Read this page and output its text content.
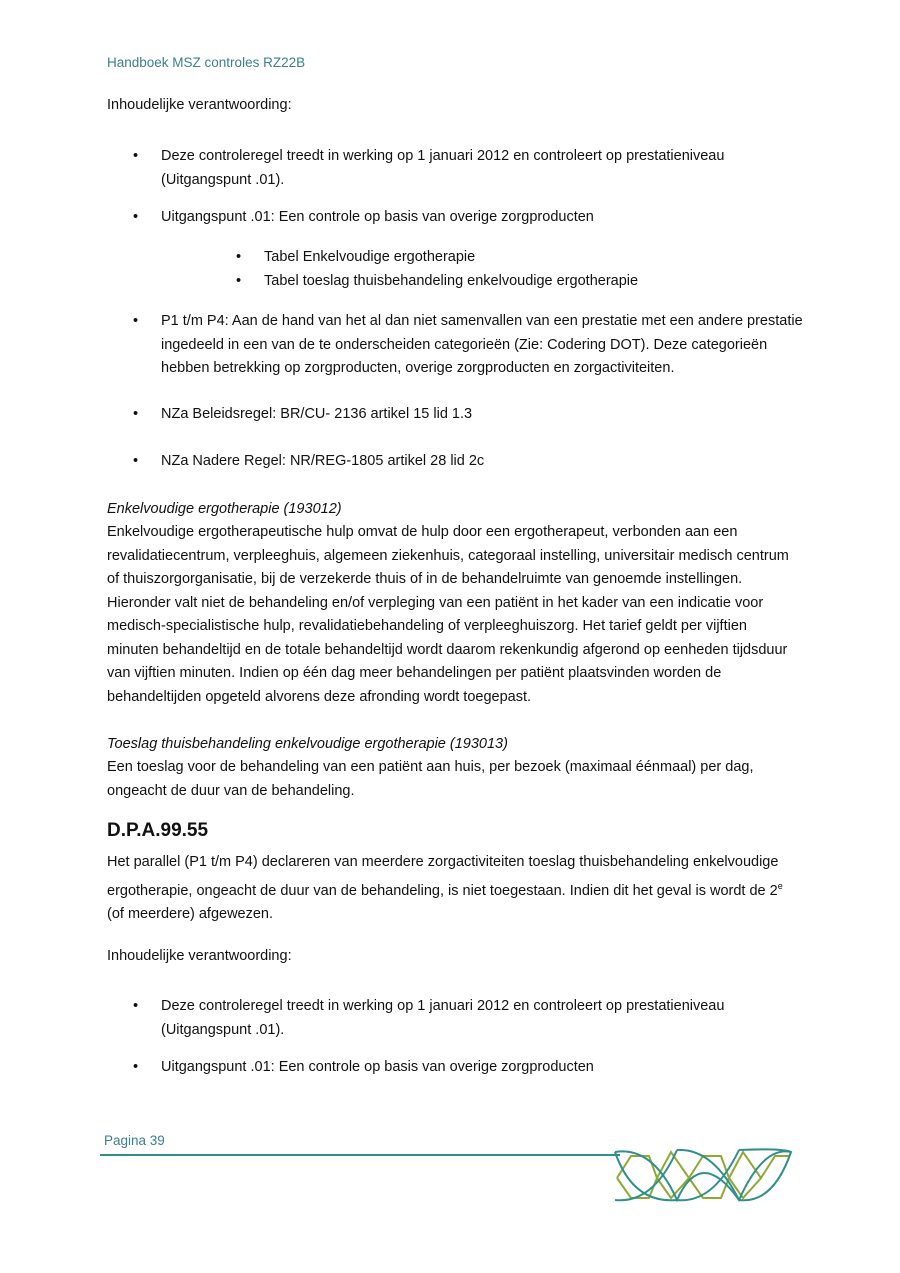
Handboek MSZ controles RZ22B
Inhoudelijke verantwoording:
• Deze controleregel treedt in werking op 1 januari 2012 en controleert op prestatieniveau (Uitgangspunt .01).
• Uitgangspunt .01: Een controle op basis van overige zorgproducten
• Tabel Enkelvoudige ergotherapie
• Tabel toeslag thuisbehandeling enkelvoudige ergotherapie
• P1 t/m P4: Aan de hand van het al dan niet samenvallen van een prestatie met een andere prestatie ingedeeld in een van de te onderscheiden categorieën (Zie: Codering DOT). Deze categorieën hebben betrekking op zorgproducten, overige zorgproducten en zorgactiviteiten.
• NZa Beleidsregel: BR/CU- 2136 artikel 15 lid 1.3
• NZa Nadere Regel: NR/REG-1805 artikel 28 lid 2c
Enkelvoudige ergotherapie (193012)
Enkelvoudige ergotherapeutische hulp omvat de hulp door een ergotherapeut, verbonden aan een revalidatiecentrum, verpleeghuis, algemeen ziekenhuis, categoraal instelling, universitair medisch centrum of thuiszorgorganisatie, bij de verzekerde thuis of in de behandelruimte van genoemde instellingen. Hieronder valt niet de behandeling en/of verpleging van een patiënt in het kader van een indicatie voor medisch-specialistische hulp, revalidatiebehandeling of verpleeghuiszorg. Het tarief geldt per vijftien minuten behandeltijd en de totale behandeltijd wordt daarom rekenkundig afgerond op eenheden tijdsduur van vijftien minuten. Indien op één dag meer behandelingen per patiënt plaatsvinden worden de behandeltijden opgeteld alvorens deze afronding wordt toegepast.
Toeslag thuisbehandeling enkelvoudige ergotherapie (193013)
Een toeslag voor de behandeling van een patiënt aan huis, per bezoek (maximaal éénmaal) per dag, ongeacht de duur van de behandeling.
D.P.A.99.55
Het parallel (P1 t/m P4) declareren van meerdere zorgactiviteiten toeslag thuisbehandeling enkelvoudige ergotherapie, ongeacht de duur van de behandeling, is niet toegestaan. Indien dit het geval is wordt de 2e (of meerdere) afgewezen.
Inhoudelijke verantwoording:
• Deze controleregel treedt in werking op 1 januari 2012 en controleert op prestatieniveau (Uitgangspunt .01).
• Uitgangspunt .01: Een controle op basis van overige zorgproducten
Pagina 39
